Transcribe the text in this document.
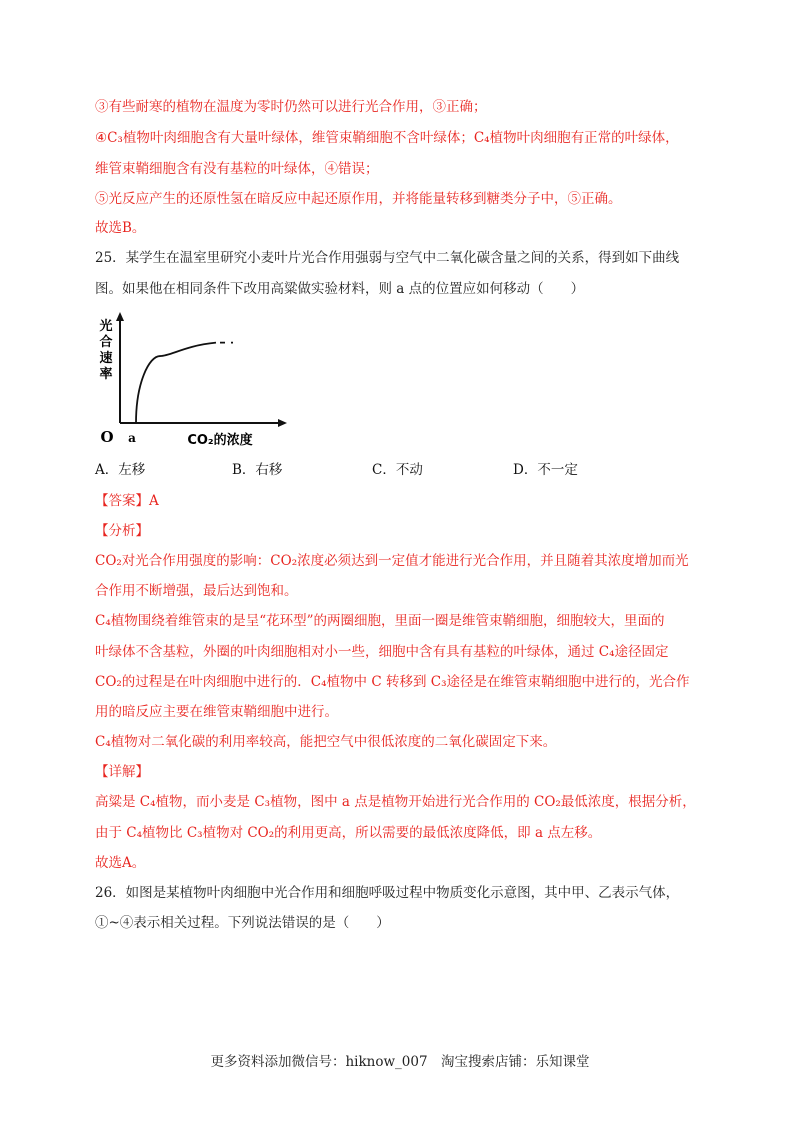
③有些耐寒的植物在温度为零时仍然可以进行光合作用，③正确；
④C₃植物叶肉细胞含有大量叶绿体，维管束鞘细胞不含叶绿体；C₄植物叶肉细胞有正常的叶绿体，
维管束鞘细胞含有没有基粒的叶绿体，④错误；
⑤光反应产生的还原性氢在暗反应中起还原作用，并将能量转移到糖类分子中，⑤正确。
故选B。
25．某学生在温室里研究小麦叶片光合作用强弱与空气中二氧化碳含量之间的关系，得到如下曲线
图。如果他在相同条件下改用高粱做实验材料，则 a 点的位置应如何移动（　　）
光合速率
O a	CO₂的浓度
A．左移	B．右移	C．不动	D．不一定
【答案】A
【分析】
CO₂对光合作用强度的影响：CO₂浓度必须达到一定值才能进行光合作用，并且随着其浓度增加而光
合作用不断增强，最后达到饱和。
C₄植物围绕着维管束的是呈“花环型”的两圈细胞，里面一圈是维管束鞘细胞，细胞较大，里面的
叶绿体不含基粒，外圈的叶肉细胞相对小一些，细胞中含有具有基粒的叶绿体，通过 C₄途径固定
CO₂的过程是在叶肉细胞中进行的．C₄植物中 C 转移到 C₃途径是在维管束鞘细胞中进行的，光合作
用的暗反应主要在维管束鞘细胞中进行。
C₄植物对二氧化碳的利用率较高，能把空气中很低浓度的二氧化碳固定下来。
【详解】
高粱是 C₄植物，而小麦是 C₃植物，图中 a 点是植物开始进行光合作用的 CO₂最低浓度，根据分析，
由于 C₄植物比 C₃植物对 CO₂的利用更高，所以需要的最低浓度降低，即 a 点左移。
故选A。
26．如图是某植物叶肉细胞中光合作用和细胞呼吸过程中物质变化示意图，其中甲、乙表示气体，
①~④表示相关过程。下列说法错误的是（　　）
更多资料添加微信号：hiknow_007　淘宝搜索店铺：乐知课堂
